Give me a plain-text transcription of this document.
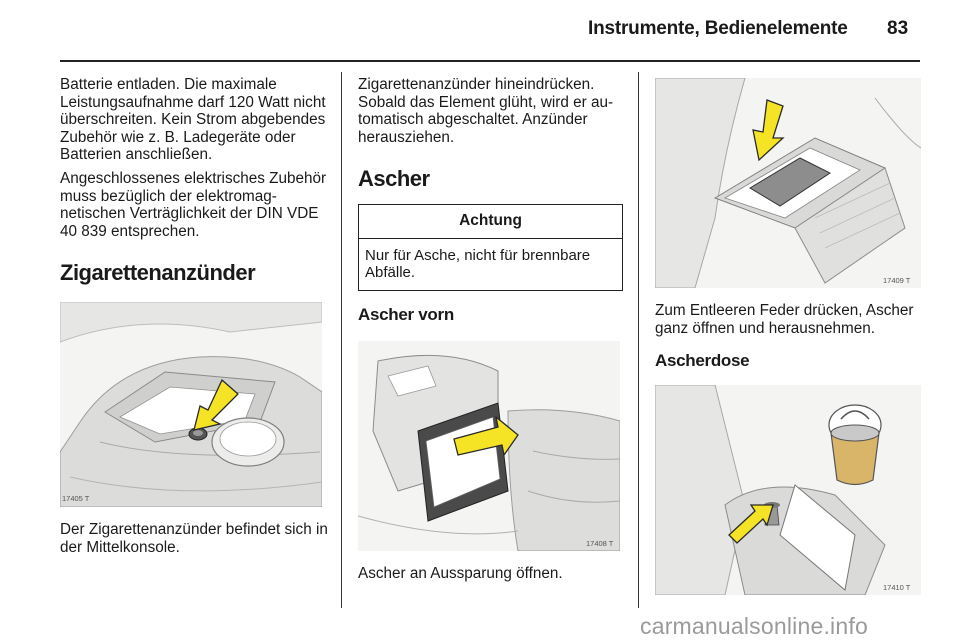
Instrumente, Bedienelemente 83

Batterie entladen. Die maximale Leistungsaufnahme darf 120 Watt nicht überschreiten. Kein Strom abgebendes Zubehör wie z. B. Ladegeräte oder Batterien anschließen.

Angeschlossenes elektrisches Zubehör muss bezüglich der elektromagnetischen Verträglichkeit der DIN VDE 40 839 entsprechen.

Zigarettenanzünder
17405 T

Der Zigarettenanzünder befindet sich in der Mittelkonsole.

Zigarettenanzünder hineindrücken. Sobald das Element glüht, wird er automatisch abgeschaltet. Anzünder herausziehen.

Ascher
Achtung
Nur für Asche, nicht für brennbare Abfälle.
Ascher vorn
17408 T

Ascher an Aussparung öffnen.

17409 T

Zum Entleeren Feder drücken, Ascher ganz öffnen und herausnehmen.

Ascherdose
17410 T
carmanualsonline.info
